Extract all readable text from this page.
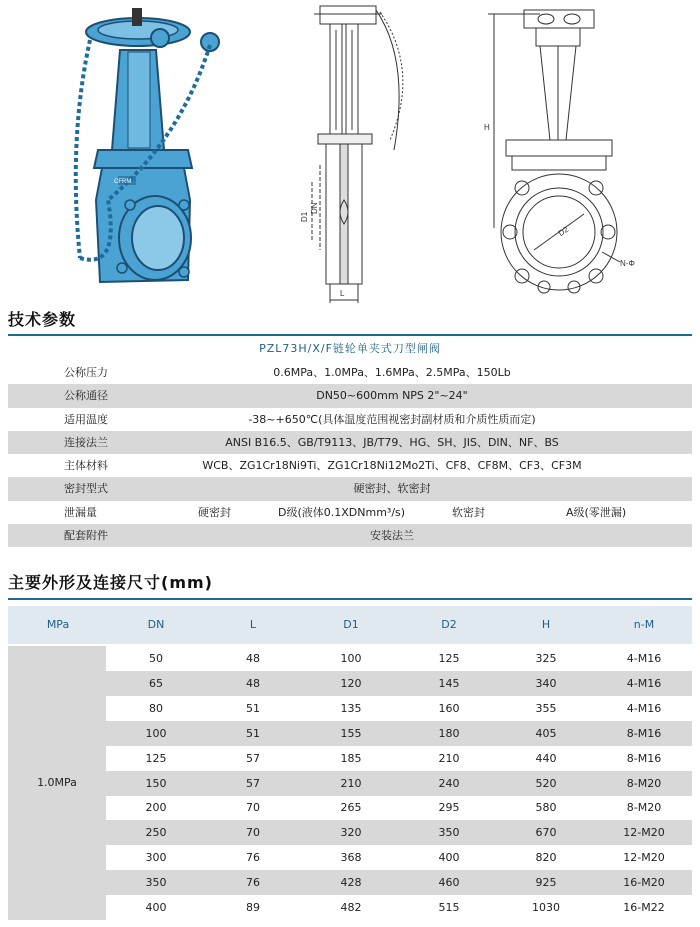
CFRM
D1
DN
L
H
D2
N-Φ
技术参数
PZL73H/X/F链轮单夹式刀型闸阀
公称压力	0.6MPa、1.0MPa、1.6MPa、2.5MPa、150Lb
公称通径	DN50~600mm NPS 2"~24"
适用温度	-38~+650℃(具体温度范围视密封副材质和介质性质而定)
连接法兰	ANSI B16.5、GB/T9113、JB/T79、HG、SH、JIS、DIN、NF、BS
主体材料	WCB、ZG1Cr18Ni9Ti、ZG1Cr18Ni12Mo2Ti、CF8、CF8M、CF3、CF3M
密封型式	硬密封、软密封
泄漏量	硬密封	D级(液体0.1XDNmm³/s)	软密封	A级(零泄漏)
配套附件	安装法兰
主要外形及连接尺寸(mm)
MPa	DN	L	D1	D2	H	n-M
1.0MPa
50	48	100	125	325	4-M16
65	48	120	145	340	4-M16
80	51	135	160	355	4-M16
100	51	155	180	405	8-M16
125	57	185	210	440	8-M16
150	57	210	240	520	8-M20
200	70	265	295	580	8-M20
250	70	320	350	670	12-M20
300	76	368	400	820	12-M20
350	76	428	460	925	16-M20
400	89	482	515	1030	16-M22
